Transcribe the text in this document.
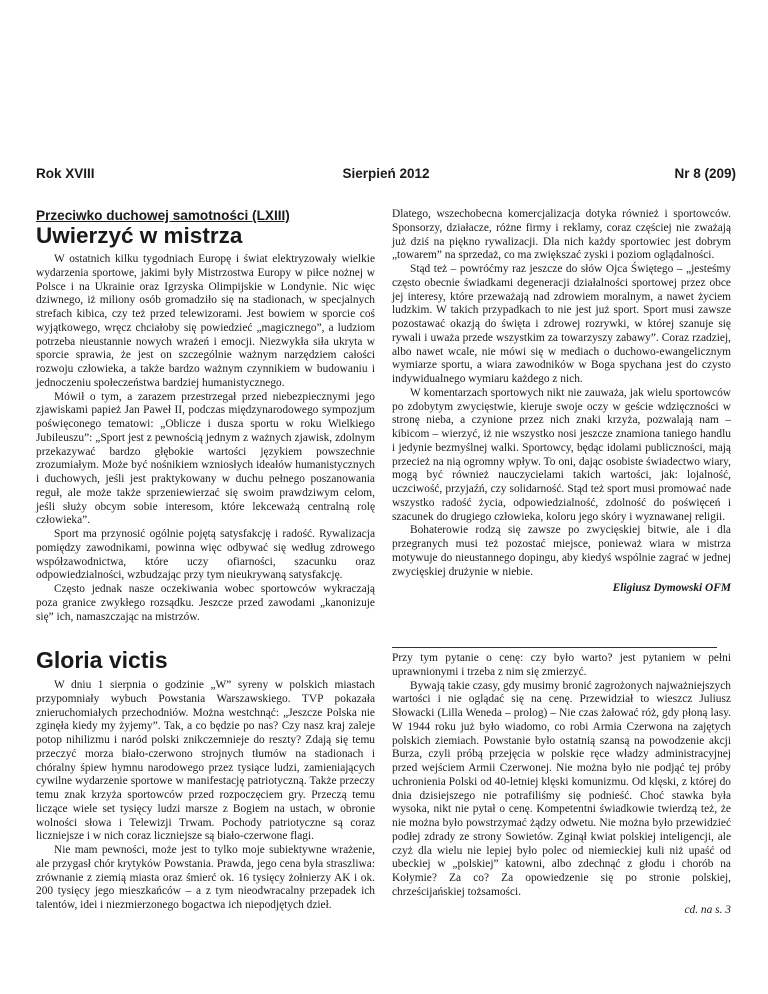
Rok XVIII	Sierpień 2012	Nr 8 (209)
Przeciwko duchowej samotności (LXIII)
Uwierzyć w mistrza

W ostatnich kilku tygodniach Europę i świat elektryzowały wielkie wydarzenia sportowe, jakimi były Mistrzostwa Europy w piłce nożnej w Polsce i na Ukrainie oraz Igrzyska Olimpijskie w Londynie. Nic więc dziwnego, iż miliony osób gromadziło się na stadionach, w specjalnych strefach kibica, czy też przed telewizorami. Jest bowiem w sporcie coś wyjątkowego, wręcz chciałoby się powiedzieć „magicznego”, a ludziom potrzeba nieustannie nowych wrażeń i emocji. Niezwykła siła ukryta w sporcie sprawia, że jest on szczególnie ważnym narzędziem całości rozwoju człowieka, a także bardzo ważnym czynnikiem w budowaniu i jednoczeniu społeczeństwa bardziej humanistycznego.

Mówił o tym, a zarazem przestrzegał przed niebezpiecznymi jego zjawiskami papież Jan Paweł II, podczas międzynarodowego sympozjum poświęconego tematowi: „Oblicze i dusza sportu w roku Wielkiego Jubileuszu”: „Sport jest z pewnością jednym z ważnych zjawisk, zdolnym przekazywać bardzo głębokie wartości językiem powszechnie zrozumiałym. Może być nośnikiem wzniosłych ideałów humanistycznych i duchowych, jeśli jest praktykowany w duchu pełnego poszanowania reguł, ale może także sprzeniewierzać się swoim prawdziwym celom, jeśli służy obcym sobie interesom, które lekceważą centralną rolę człowieka”.

Sport ma przynosić ogólnie pojętą satysfakcję i radość. Rywalizacja pomiędzy zawodnikami, powinna więc odbywać się według zdrowego współzawodnictwa, które uczy ofiarności, szacunku oraz odpowiedzialności, wzbudzając przy tym nieukrywaną satysfakcję.

Często jednak nasze oczekiwania wobec sportowców wykraczają poza granice zwykłego rozsądku. Jeszcze przed zawodami „kanonizuje się” ich, namaszczając na mistrzów.

Dlatego, wszechobecna komercjalizacja dotyka również i sportowców. Sponsorzy, działacze, różne firmy i reklamy, coraz częściej nie zważają już dziś na piękno rywalizacji. Dla nich każdy sportowiec jest dobrym „towarem” na sprzedaż, co ma zwiększać zyski i poziom oglądalności.

Stąd też – powróćmy raz jeszcze do słów Ojca Świętego – „jesteśmy często obecnie świadkami degeneracji działalności sportowej przez obce jej interesy, które przeważają nad zdrowiem moralnym, a nawet życiem ludzkim. W takich przypadkach to nie jest już sport. Sport musi zawsze pozostawać okazją do święta i zdrowej rozrywki, w której szanuje się rywali i uważa przede wszystkim za towarzyszy zabawy”. Coraz rzadziej, albo nawet wcale, nie mówi się w mediach o duchowo-ewangelicznym wymiarze sportu, a wiara zawodników w Boga spychana jest do czysto indywidualnego wymiaru każdego z nich.

W komentarzach sportowych nikt nie zauważa, jak wielu sportowców po zdobytym zwycięstwie, kieruje swoje oczy w geście wdzięczności w stronę nieba, a czynione przez nich znaki krzyża, pozwalają nam – kibicom – wierzyć, iż nie wszystko nosi jeszcze znamiona taniego handlu i jedynie bezmyślnej walki. Sportowcy, będąc idolami publiczności, mają przecież na nią ogromny wpływ. To oni, dając osobiste świadectwo wiary, mogą być również nauczycielami takich wartości, jak: lojalność, uczciwość, przyjaźń, czy solidarność. Stąd też sport musi promować nade wszystko radość życia, odpowiedzialność, zdolność do poświęceń i szacunek do drugiego człowieka, koloru jego skóry i wyznawanej religii.

Bohaterowie rodzą się zawsze po zwycięskiej bitwie, ale i dla przegranych musi też pozostać miejsce, ponieważ wiara w mistrza motywuje do nieustannego dopingu, aby kiedyś wspólnie zagrać w jednej zwycięskiej drużynie w niebie.

Eligiusz Dymowski OFM
Gloria victis

W dniu 1 sierpnia o godzinie „W” syreny w polskich miastach przypomniały wybuch Powstania Warszawskiego. TVP pokazała znieruchomiałych przechodniów. Można westchnąć: „Jeszcze Polska nie zginęła kiedy my żyjemy”. Tak, a co będzie po nas? Czy nasz kraj zaleje potop nihilizmu i naród polski znikczemnieje do reszty? Zdają się temu przeczyć morza biało-czerwono strojnych tłumów na stadionach i chóralny śpiew hymnu narodowego przez tysiące ludzi, zamieniających cywilne wydarzenie sportowe w manifestację patriotyczną. Także przeczy temu znak krzyża sportowców przed rozpoczęciem gry. Przeczą temu liczące wiele set tysięcy ludzi marsze z Bogiem na ustach, w obronie wolności słowa i Telewizji Trwam. Pochody patriotyczne są coraz liczniejsze i w nich coraz liczniejsze są biało-czerwone flagi.

Nie mam pewności, może jest to tylko moje subiektywne wrażenie, ale przygasł chór krytyków Powstania. Prawda, jego cena była straszliwa: zrównanie z ziemią miasta oraz śmierć ok. 16 tysięcy żołnierzy AK i ok. 200 tysięcy jego mieszkańców – a z tym nieodwracalny przepadek ich talentów, idei i niezmierzonego bogactwa ich niepodjętych dzieł.

Przy tym pytanie o cenę: czy było warto? jest pytaniem w pełni uprawnionymi i trzeba z nim się zmierzyć.

Bywają takie czasy, gdy musimy bronić zagrożonych najważniejszych wartości i nie oglądać się na cenę. Przewidział to wieszcz Juliusz Słowacki (Lilla Weneda – prolog) – Nie czas żałować róż, gdy płoną lasy. W 1944 roku już było wiadomo, co robi Armia Czerwona na zajętych polskich ziemiach. Powstanie było ostatnią szansą na powodzenie akcji Burza, czyli próbą przejęcia w polskie ręce władzy administracyjnej przed wejściem Armii Czerwonej. Nie można było nie podjąć tej próby uchronienia Polski od 40-letniej klęski komunizmu. Od klęski, z której do dnia dzisiejszego nie potrafiliśmy się podnieść. Choć stawka była wysoka, nikt nie pytał o cenę. Kompetentni świadkowie twierdzą też, że nie można było powstrzymać żądzy odwetu. Nie można było przewidzieć podłej zdrady ze strony Sowietów. Zginął kwiat polskiej inteligencji, ale czyż dla wielu nie lepiej było polec od niemieckiej kuli niż upaść od ubeckiej w „polskiej” katowni, albo zdechnąć z głodu i chorób na Kołymie? Za co? Za opowiedzenie się po stronie polskiej, chrześcijańskiej tożsamości.

cd. na s. 3
